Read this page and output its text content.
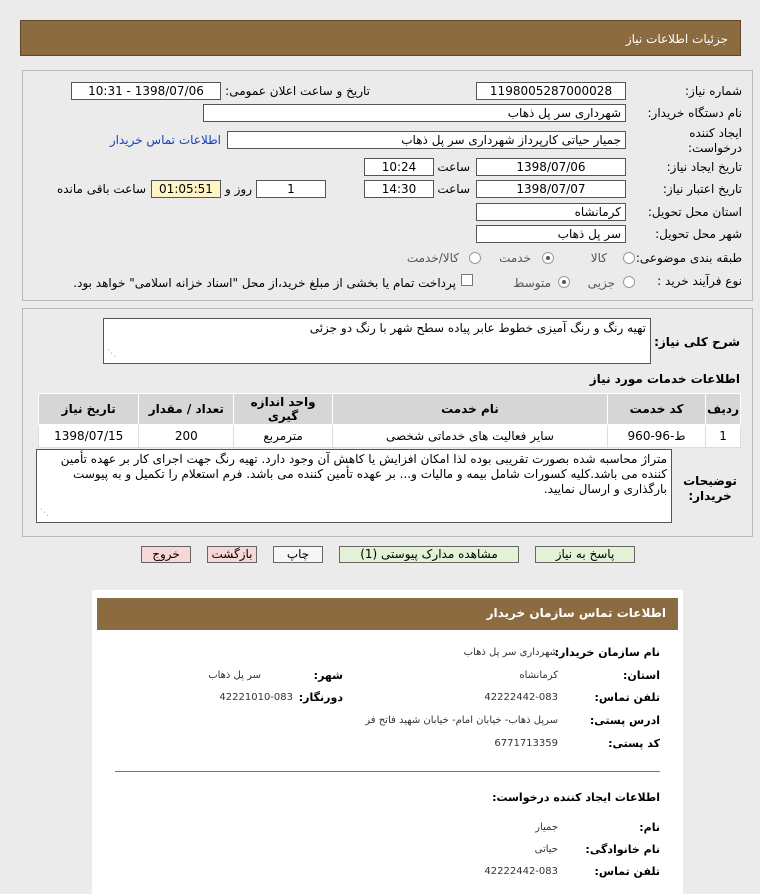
جزئیات اطلاعات نیاز
شماره نیاز:
1198005287000028
تاریخ و ساعت اعلان عمومی:
1398/07/06 - 10:31
نام دستگاه خریدار:
شهرداری سر پل ذهاب
ایجاد کننده درخواست:
جمیار حیاتی کارپرداز شهرداری سر پل ذهاب
اطلاعات تماس خریدار
تاریخ ایجاد نیاز:
1398/07/06
ساعت
10:24
تاریخ اعتبار نیاز:
1398/07/07
ساعت
14:30
1
روز و
01:05:51
ساعت باقی مانده
استان محل تحویل:
کرمانشاه
شهر محل تحویل:
سر پل ذهاب
طبقه بندی موضوعی:
کالا
خدمت
کالا/خدمت
نوع فرآیند خرید :
جزیی
متوسط
پرداخت تمام یا بخشی از مبلغ خرید،از محل "اسناد خزانه اسلامی" خواهد بود.
شرح کلی نیاز:
تهیه رنگ و رنگ آمیزی خطوط عابر پیاده سطح شهر با رنگ دو جزئی
⋰
اطلاعات خدمات مورد نیاز
ردیف	کد خدمت	نام خدمت	واحد اندازه گیری	تعداد / مقدار	تاریخ نیاز
1	ط-96-960	سایر فعالیت های خدماتی شخصی	مترمربع	200	1398/07/15
توضیحات خریدار:
متراژ محاسبه شده بصورت تقریبی بوده لذا امکان افزایش یا کاهش آن وجود دارد. تهیه رنگ جهت اجرای کار بر عهده تأمین کننده می باشد.کلیه کسورات شامل بیمه و مالیات و... بر عهده تأمین کننده می باشد. فرم استعلام را تکمیل و به پیوست بارگذاری و ارسال نمایید.
⋰
پاسخ به نیاز
مشاهده مدارک پیوستی (1)
چاپ
بازگشت
خروج
اطلاعات تماس سازمان خریدار
نام سازمان خریدار:
شهرداری سر پل ذهاب
استان:
کرمانشاه
شهر:
سر پل ذهاب
تلفن تماس:
42222442-083
دورنگار:
42221010-083
ادرس پستی:
سرپل ذهاب- خیابان امام- خیابان شهید فاتح فر
کد پستی:
6771713359
اطلاعات ایجاد کننده درخواست:
نام:
جمیار
نام خانوادگی:
حیاتی
تلفن تماس:
42222442-083
